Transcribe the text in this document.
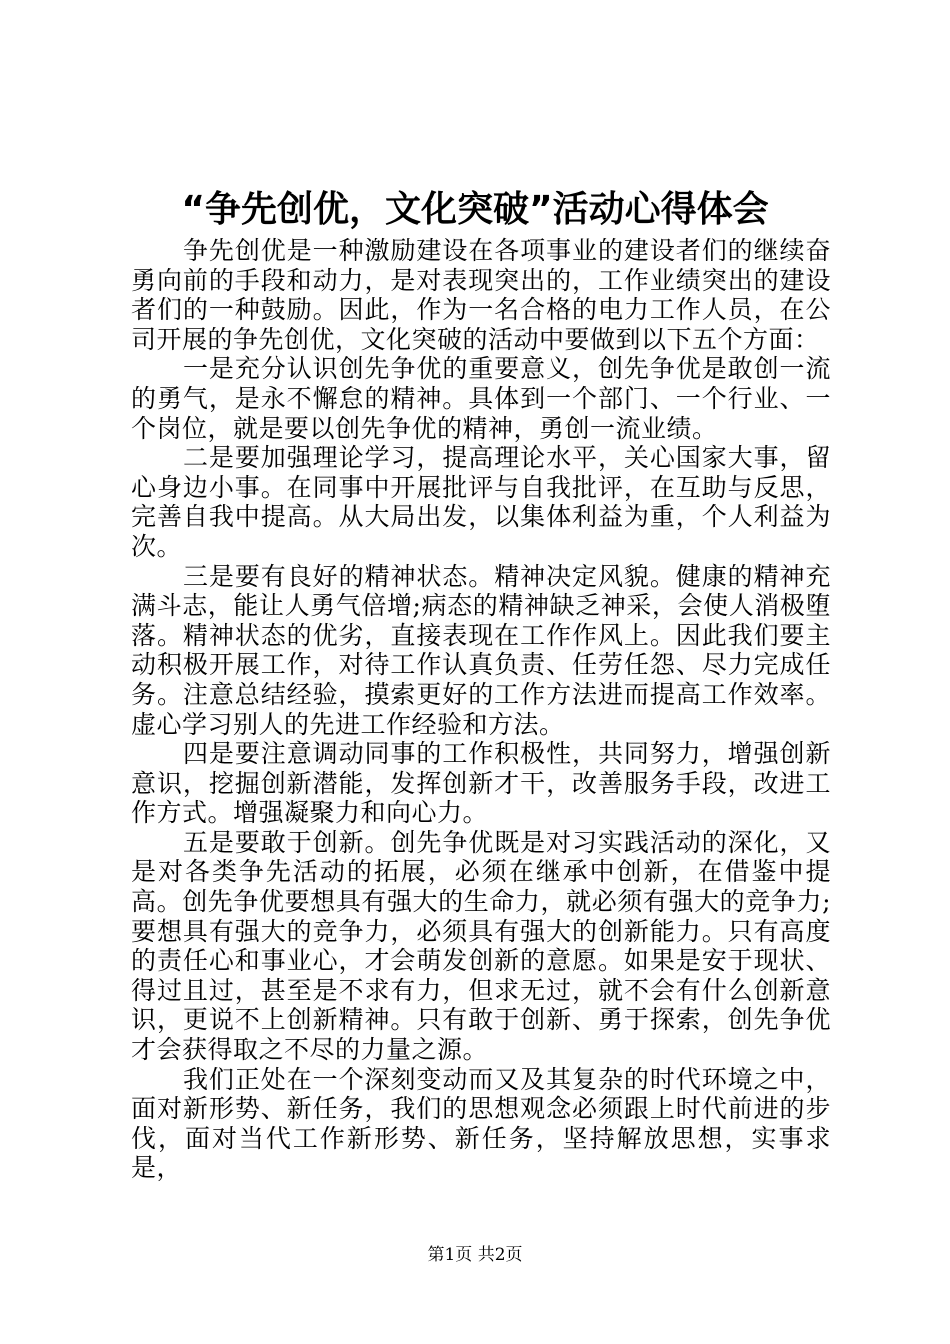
“争先创优，文化突破”活动心得体会

争先创优是一种激励建设在各项事业的建设者们的继续奋勇向前的手段和动力，是对表现突出的，工作业绩突出的建设者们的一种鼓励。因此，作为一名合格的电力工作人员，在公司开展的争先创优，文化突破的活动中要做到以下五个方面：

一是充分认识创先争优的重要意义，创先争优是敢创一流的勇气，是永不懈怠的精神。具体到一个部门、一个行业、一个岗位，就是要以创先争优的精神，勇创一流业绩。

二是要加强理论学习，提高理论水平，关心国家大事，留心身边小事。在同事中开展批评与自我批评，在互助与反思，完善自我中提高。从大局出发，以集体利益为重，个人利益为次。

三是要有良好的精神状态。精神决定风貌。健康的精神充满斗志，能让人勇气倍增;病态的精神缺乏神采，会使人消极堕落。精神状态的优劣，直接表现在工作作风上。因此我们要主动积极开展工作，对待工作认真负责、任劳任怨、尽力完成任务。注意总结经验，摸索更好的工作方法进而提高工作效率。虚心学习别人的先进工作经验和方法。

四是要注意调动同事的工作积极性，共同努力，增强创新意识，挖掘创新潜能，发挥创新才干，改善服务手段，改进工作方式。增强凝聚力和向心力。

五是要敢于创新。创先争优既是对习实践活动的深化，又是对各类争先活动的拓展，必须在继承中创新，在借鉴中提高。创先争优要想具有强大的生命力，就必须有强大的竞争力;要想具有强大的竞争力，必须具有强大的创新能力。只有高度的责任心和事业心，才会萌发创新的意愿。如果是安于现状、得过且过，甚至是不求有力，但求无过，就不会有什么创新意识，更说不上创新精神。只有敢于创新、勇于探索，创先争优才会获得取之不尽的力量之源。

我们正处在一个深刻变动而又及其复杂的时代环境之中，面对新形势、新任务，我们的思想观念必须跟上时代前进的步伐，面对当代工作新形势、新任务，坚持解放思想，实事求是，

第1页 共2页
